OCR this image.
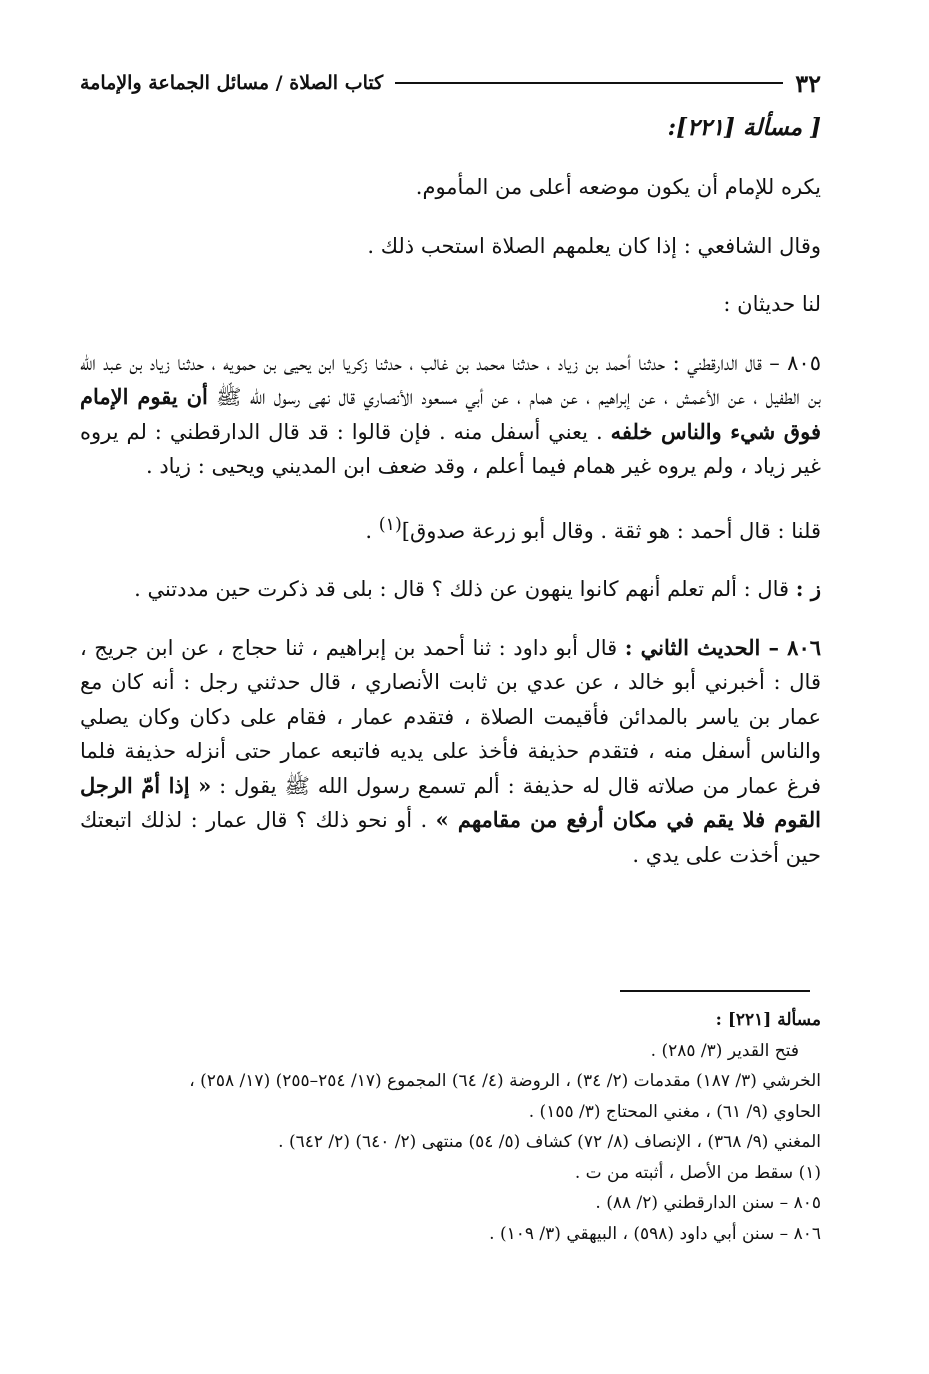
كتاب الصلاة / مسائل الجماعة والإمامة	٣٢
[ مسألة [٢٢١]:

يكره للإمام أن يكون موضعه أعلى من المأموم.

وقال الشافعي : إذا كان يعلمهم الصلاة استحب ذلك .

لنا حديثان :

٨٠٥ – قال الدارقطني : حدثنا أحمد بن زياد ، حدثنا محمد بن غالب ، حدثنا زكريا ابن يحيى بن حمويه ، حدثنا زياد بن عبد الله بن الطفيل ، عن الأعمش ، عن إبراهيم ، عن همام ، عن أبي مسعود الأنصاري قال نهى رسول الله ﷺ أن يقوم الإمام فوق شيء والناس خلفه . يعني أسفل منه . فإن قالوا : قد قال الدارقطني : لم يروه غير زياد ، ولم يروه غير همام فيما أعلم ، وقد ضعف ابن المديني ويحيى : زياد .

قلنا : قال أحمد : هو ثقة . وقال أبو زرعة صدوق]$^{(١)}$ .

ز : قال : ألم تعلم أنهم كانوا ينهون عن ذلك ؟ قال : بلى قد ذكرت حين مددتني .

٨٠٦ – الحديث الثاني : قال أبو داود : ثنا أحمد بن إبراهيم ، ثنا حجاج ، عن ابن جريج ، قال : أخبرني أبو خالد ، عن عدي بن ثابت الأنصاري ، قال حدثني رجل : أنه كان مع عمار بن ياسر بالمدائن فأقيمت الصلاة ، فتقدم عمار ، فقام على دكان وكان يصلي والناس أسفل منه ، فتقدم حذيفة فأخذ على يديه فاتبعه عمار حتى أنزله حذيفة فلما فرغ عمار من صلاته قال له حذيفة : ألم تسمع رسول الله ﷺ يقول : « إذا أمّ الرجل القوم فلا يقم في مكان أرفع من مقامهم » . أو نحو ذلك ؟ قال عمار : لذلك اتبعتك حين أخذت على يدي .

مسألة [٢٢١] :

فتح القدير (٣/ ٢٨٥) .

الخرشي (٣/ ١٨٧) مقدمات (٢/ ٣٤) ، الروضة (٤/ ٦٤) المجموع (١٧/ ٢٥٤–٢٥٥) (١٧/ ٢٥٨) ،

الحاوي (٩/ ٦١) ، مغني المحتاج (٣/ ١٥٥) .

المغني (٩/ ٣٦٨) ، الإنصاف (٨/ ٧٢) كشاف (٥/ ٥٤) منتهى (٢/ ٦٤٠) (٢/ ٦٤٢) .

(١) سقط من الأصل ، أثبته من ت .

٨٠٥ – سنن الدارقطني (٢/ ٨٨) .

٨٠٦ – سنن أبي داود (٥٩٨) ، البيهقي (٣/ ١٠٩) .
